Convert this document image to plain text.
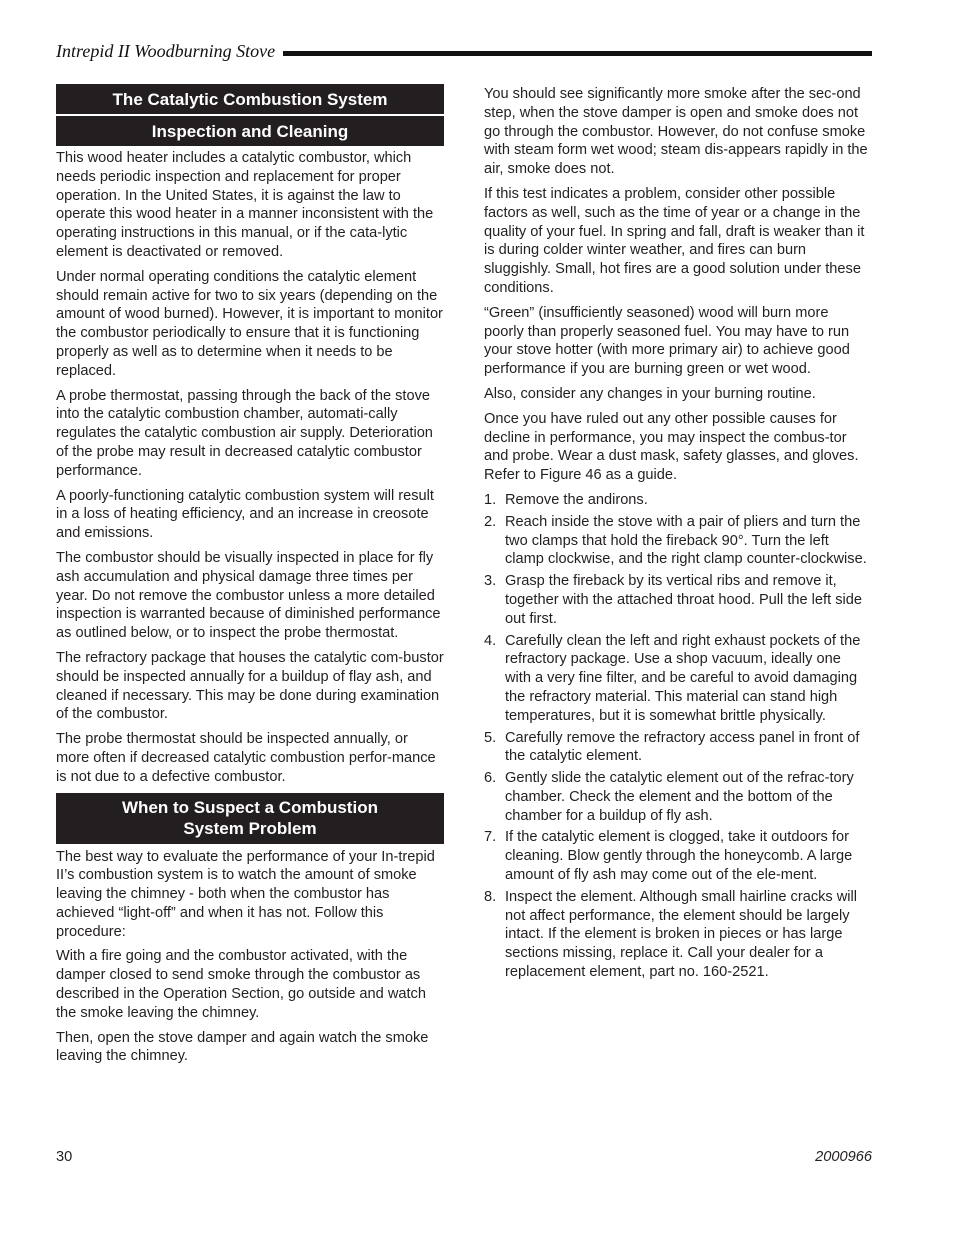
Intrepid II Woodburning Stove
The Catalytic Combustion System
Inspection and Cleaning

This wood heater includes a catalytic combustor, which needs periodic inspection and replacement for proper operation. In the United States, it is against the law to operate this wood heater in a manner inconsistent with the operating instructions in this manual, or if the cata-lytic element is deactivated or removed.

Under normal operating conditions the catalytic element should remain active for two to six years (depending on the amount of wood burned). However, it is important to monitor the combustor periodically to ensure that it is functioning properly as well as to determine when it needs to be replaced.

A probe thermostat, passing through the back of the stove into the catalytic combustion chamber, automati-cally regulates the catalytic combustion air supply. Deterioration of the probe may result in decreased catalytic combustor performance.

A poorly-functioning catalytic combustion system will result in a loss of heating efficiency, and an increase in creosote and emissions.

The combustor should be visually inspected in place for fly ash accumulation and physical damage three times per year. Do not remove the combustor unless a more detailed inspection is warranted because of diminished performance as outlined below, or to inspect the probe thermostat.

The refractory package that houses the catalytic com-bustor should be inspected annually for a buildup of flay ash, and cleaned if necessary. This may be done during examination of the combustor.

The probe thermostat should be inspected annually, or more often if decreased catalytic combustion perfor-mance is not due to a defective combustor.

When to Suspect a Combustion
System Problem

The best way to evaluate the performance of your In-trepid II’s combustion system is to watch the amount of smoke leaving the chimney - both when the combustor has achieved “light-off” and when it has not. Follow this procedure:

With a fire going and the combustor activated, with the damper closed to send smoke through the combustor as described in the Operation Section, go outside and watch the smoke leaving the chimney.

Then, open the stove damper and again watch the smoke leaving the chimney.

You should see significantly more smoke after the sec-ond step, when the stove damper is open and smoke does not go through the combustor. However, do not confuse smoke with steam form wet wood; steam dis-appears rapidly in the air, smoke does not.

If this test indicates a problem, consider other possible factors as well, such as the time of year or a change in the quality of your fuel. In spring and fall, draft is weaker than it is during colder winter weather, and fires can burn sluggishly. Small, hot fires are a good solution under these conditions.

“Green” (insufficiently seasoned) wood will burn more poorly than properly seasoned fuel. You may have to run your stove hotter (with more primary air) to achieve good performance if you are burning green or wet wood.

Also, consider any changes in your burning routine.

Once you have ruled out any other possible causes for decline in performance, you may inspect the combus-tor and probe. Wear a dust mask, safety glasses, and gloves. Refer to Figure 46 as a guide.

1. Remove the andirons.
2. Reach inside the stove with a pair of pliers and turn the two clamps that hold the fireback 90°. Turn the left clamp clockwise, and the right clamp counter-clockwise.
3. Grasp the fireback by its vertical ribs and remove it, together with the attached throat hood. Pull the left side out first.
4. Carefully clean the left and right exhaust pockets of the refractory package. Use a shop vacuum, ideally one with a very fine filter, and be careful to avoid damaging the refractory material. This material can stand high temperatures, but it is somewhat brittle physically.
5. Carefully remove the refractory access panel in front of the catalytic element.
6. Gently slide the catalytic element out of the refrac-tory chamber. Check the element and the bottom of the chamber for a buildup of fly ash.
7. If the catalytic element is clogged, take it outdoors for cleaning. Blow gently through the honeycomb. A large amount of fly ash may come out of the ele-ment.
8. Inspect the element. Although small hairline cracks will not affect performance, the element should be largely intact. If the element is broken in pieces or has large sections missing, replace it. Call your dealer for a replacement element, part no. 160-2521.
30	2000966
